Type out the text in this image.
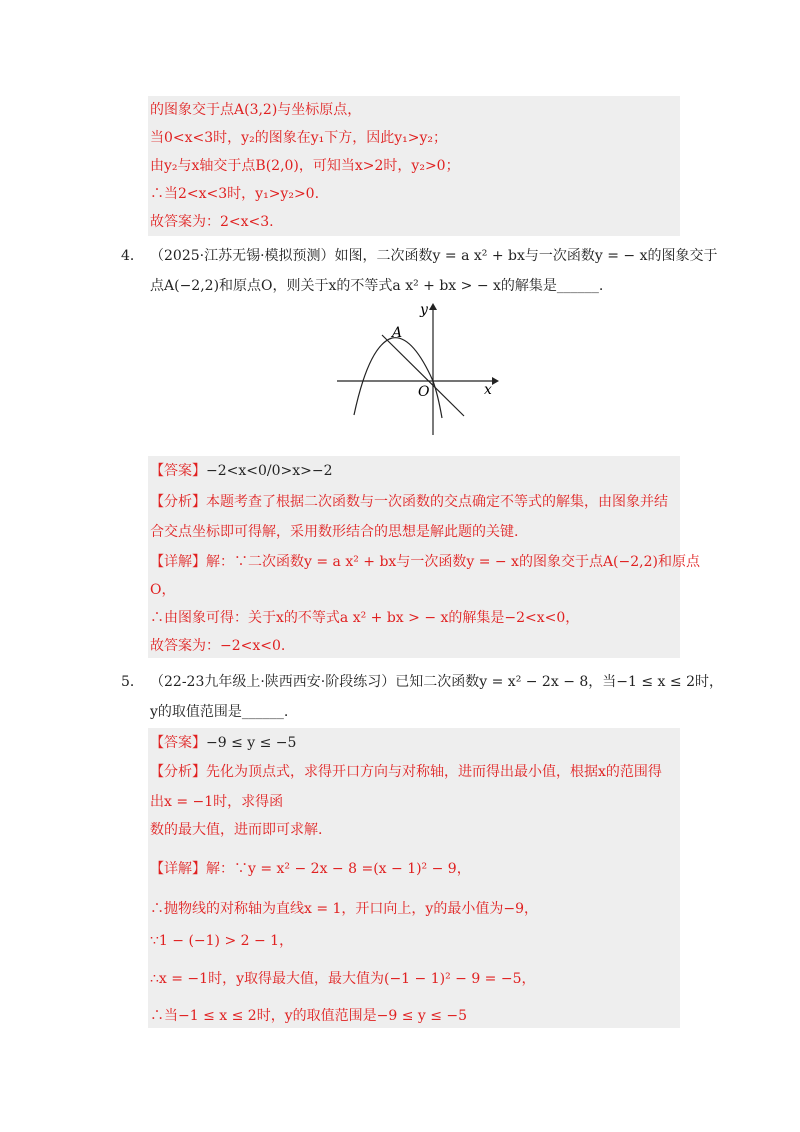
的图象交于点A(3,2)与坐标原点，
当0<x<3时，y₂的图象在y₁下方，因此y₁>y₂；
由y₂与x轴交于点B(2,0)，可知当x>2时，y₂>0；
∴当2<x<3时，y₁>y₂>0.
故答案为：2<x<3.
4． （2025·江苏无锡·模拟预测）如图，二次函数y = a x² + bx与一次函数y = − x的图象交于
点A(−2,2)和原点O，则关于x的不等式a x² + bx > − x的解集是______.
y
x
O
A
【答案】−2<x<0/0>x>−2
【分析】本题考查了根据二次函数与一次函数的交点确定不等式的解集，由图象并结
合交点坐标即可得解，采用数形结合的思想是解此题的关键.
【详解】解：∵二次函数y = a x² + bx与一次函数y = − x的图象交于点A(−2,2)和原点
O，
∴由图象可得：关于x的不等式a x² + bx > − x的解集是−2<x<0，
故答案为：−2<x<0.
5． （22-23九年级上·陕西西安·阶段练习）已知二次函数y = x² − 2x − 8，当−1 ≤ x ≤ 2时，
y的取值范围是______.
【答案】−9 ≤ y ≤ −5
【分析】先化为顶点式，求得开口方向与对称轴，进而得出最小值，根据x的范围得
出x = −1时，求得函
数的最大值，进而即可求解.
【详解】解：∵y = x² − 2x − 8 =(x − 1)² − 9，
∴抛物线的对称轴为直线x = 1，开口向上，y的最小值为−9，
∵1 − (−1) > 2 − 1，
∴x = −1时，y取得最大值，最大值为(−1 − 1)² − 9 = −5，
∴当−1 ≤ x ≤ 2时，y的取值范围是−9 ≤ y ≤ −5
